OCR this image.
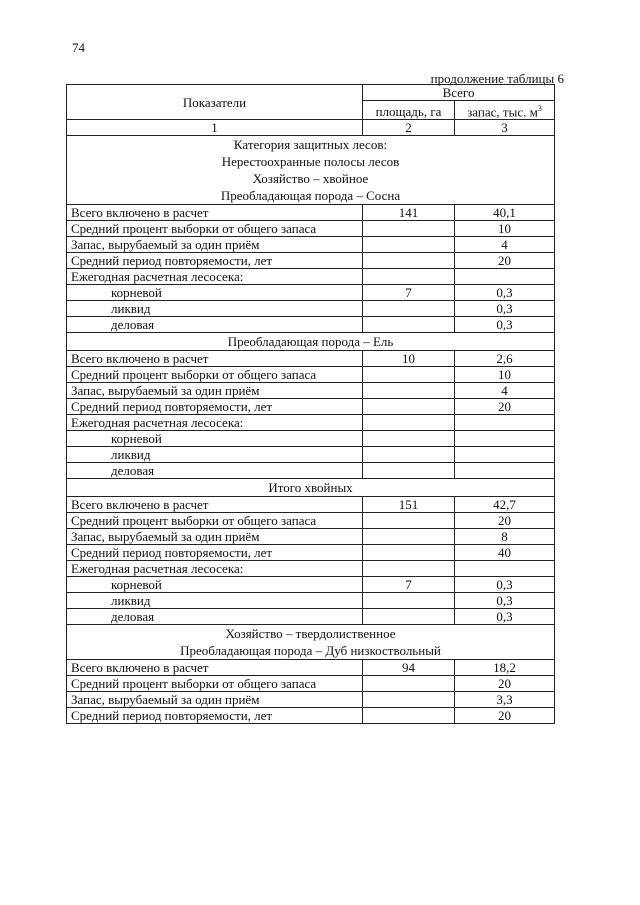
74
продолжение таблицы 6
Показатели	Всего	
	площадь, га	запас, тыс. $м^3$
1	2	3

Категория защитных лесов:
Нерестоохранные полосы лесов
Хозяйство – хвойное
Преобладающая порода – Сосна		

Всего включено в расчет	141	40,1
Средний процент выборки от общего запаса		10
Запас, вырубаемый за один приём		4
Средний период повторяемости, лет		20
Ежегодная расчетная лесосека:		
корневой	7	0,3
ликвид		0,3
деловая		0,3

Преобладающая порода – Ель		

Всего включено в расчет	10	2,6
Средний процент выборки от общего запаса		10
Запас, вырубаемый за один приём		4
Средний период повторяемости, лет		20
Ежегодная расчетная лесосека:		
корневой		
ликвид		
деловая		

Итого хвойных		

Всего включено в расчет	151	42,7
Средний процент выборки от общего запаса		20
Запас, вырубаемый за один приём		8
Средний период повторяемости, лет		40
Ежегодная расчетная лесосека:		
корневой	7	0,3
ликвид		0,3
деловая		0,3

Хозяйство – твердолиственное
Преобладающая порода – Дуб низкоствольный		

Всего включено в расчет	94	18,2
Средний процент выборки от общего запаса		20
Запас, вырубаемый за один приём		3,3
Средний период повторяемости, лет		20
